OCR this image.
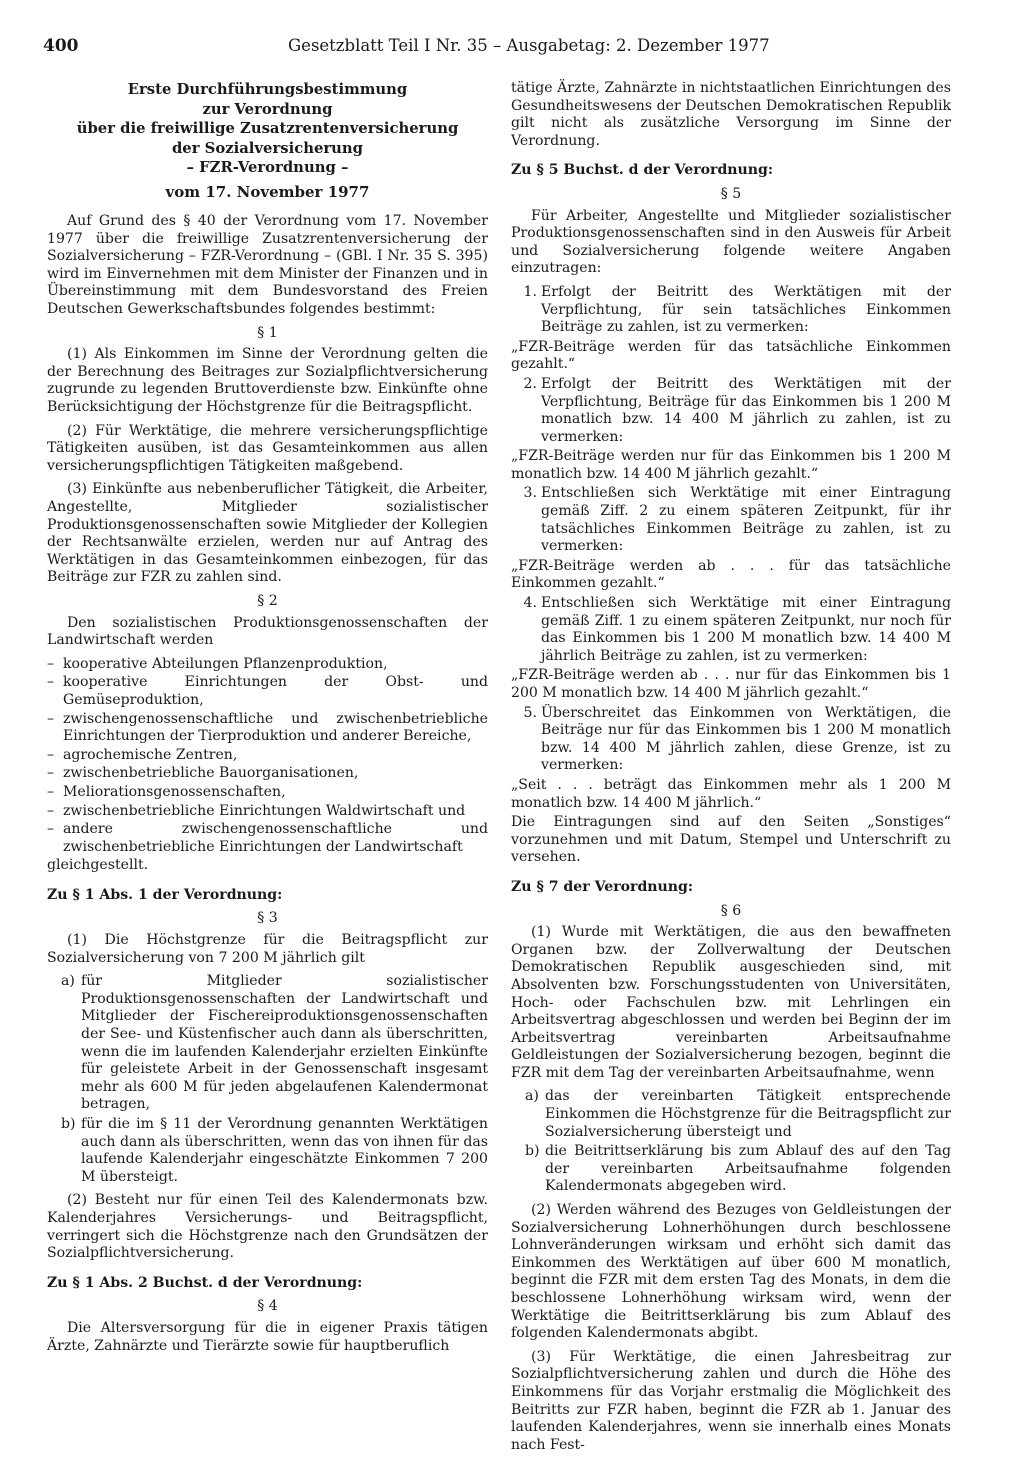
400	Gesetzblatt Teil I Nr. 35 – Ausgabetag: 2. Dezember 1977
Erste Durchführungsbestimmung
zur Verordnung
über die freiwillige Zusatzrentenversicherung
der Sozialversicherung
– FZR-Verordnung –
vom 17. November 1977

Auf Grund des § 40 der Verordnung vom 17. November 1977 über die freiwillige Zusatzrentenversicherung der Sozialversicherung – FZR-Verordnung – (GBl. I Nr. 35 S. 395) wird im Einvernehmen mit dem Minister der Finanzen und in Übereinstimmung mit dem Bundesvorstand des Freien Deutschen Gewerkschaftsbundes folgendes bestimmt:

§ 1

(1) Als Einkommen im Sinne der Verordnung gelten die der Berechnung des Beitrages zur Sozialpflichtversicherung zugrunde zu legenden Bruttoverdienste bzw. Einkünfte ohne Berücksichtigung der Höchstgrenze für die Beitragspflicht.

(2) Für Werktätige, die mehrere versicherungspflichtige Tätigkeiten ausüben, ist das Gesamteinkommen aus allen versicherungspflichtigen Tätigkeiten maßgebend.

(3) Einkünfte aus nebenberuflicher Tätigkeit, die Arbeiter, Angestellte, Mitglieder sozialistischer Produktionsgenossenschaften sowie Mitglieder der Kollegien der Rechtsanwälte erzielen, werden nur auf Antrag des Werktätigen in das Gesamteinkommen einbezogen, für das Beiträge zur FZR zu zahlen sind.

§ 2

Den sozialistischen Produktionsgenossenschaften der Landwirtschaft werden

– kooperative Abteilungen Pflanzenproduktion,
– kooperative Einrichtungen der Obst- und Gemüseproduktion,
– zwischengenossenschaftliche und zwischenbetriebliche Einrichtungen der Tierproduktion und anderer Bereiche,
– agrochemische Zentren,
– zwischenbetriebliche Bauorganisationen,
– Meliorationsgenossenschaften,
– zwischenbetriebliche Einrichtungen Waldwirtschaft und
– andere zwischengenossenschaftliche und zwischenbetriebliche Einrichtungen der Landwirtschaft

gleichgestellt.

Zu § 1 Abs. 1 der Verordnung:
§ 3

(1) Die Höchstgrenze für die Beitragspflicht zur Sozialversicherung von 7 200 M jährlich gilt

a) für Mitglieder sozialistischer Produktionsgenossenschaften der Landwirtschaft und Mitglieder der Fischereiproduktionsgenossenschaften der See- und Küstenfischer auch dann als überschritten, wenn die im laufenden Kalenderjahr erzielten Einkünfte für geleistete Arbeit in der Genossenschaft insgesamt mehr als 600 M für jeden abgelaufenen Kalendermonat betragen,
b) für die im § 11 der Verordnung genannten Werktätigen auch dann als überschritten, wenn das von ihnen für das laufende Kalenderjahr eingeschätzte Einkommen 7 200 M übersteigt.

(2) Besteht nur für einen Teil des Kalendermonats bzw. Kalenderjahres Versicherungs- und Beitragspflicht, verringert sich die Höchstgrenze nach den Grundsätzen der Sozialpflichtversicherung.

Zu § 1 Abs. 2 Buchst. d der Verordnung:
§ 4

Die Altersversorgung für die in eigener Praxis tätigen Ärzte, Zahnärzte und Tierärzte sowie für hauptberuflich

tätige Ärzte, Zahnärzte in nichtstaatlichen Einrichtungen des Gesundheitswesens der Deutschen Demokratischen Republik gilt nicht als zusätzliche Versorgung im Sinne der Verordnung.

Zu § 5 Buchst. d der Verordnung:
§ 5

Für Arbeiter, Angestellte und Mitglieder sozialistischer Produktionsgenossenschaften sind in den Ausweis für Arbeit und Sozialversicherung folgende weitere Angaben einzutragen:

1. Erfolgt der Beitritt des Werktätigen mit der Verpflichtung, für sein tatsächliches Einkommen Beiträge zu zahlen, ist zu vermerken:
„FZR-Beiträge werden für das tatsächliche Einkommen gezahlt.“
2. Erfolgt der Beitritt des Werktätigen mit der Verpflichtung, Beiträge für das Einkommen bis 1 200 M monatlich bzw. 14 400 M jährlich zu zahlen, ist zu vermerken:
„FZR-Beiträge werden nur für das Einkommen bis 1 200 M monatlich bzw. 14 400 M jährlich gezahlt.“
3. Entschließen sich Werktätige mit einer Eintragung gemäß Ziff. 2 zu einem späteren Zeitpunkt, für ihr tatsächliches Einkommen Beiträge zu zahlen, ist zu vermerken:
„FZR-Beiträge werden ab . . . für das tatsächliche Einkommen gezahlt.“
4. Entschließen sich Werktätige mit einer Eintragung gemäß Ziff. 1 zu einem späteren Zeitpunkt, nur noch für das Einkommen bis 1 200 M monatlich bzw. 14 400 M jährlich Beiträge zu zahlen, ist zu vermerken:
„FZR-Beiträge werden ab . . . nur für das Einkommen bis 1 200 M monatlich bzw. 14 400 M jährlich gezahlt.“
5. Überschreitet das Einkommen von Werktätigen, die Beiträge nur für das Einkommen bis 1 200 M monatlich bzw. 14 400 M jährlich zahlen, diese Grenze, ist zu vermerken:
„Seit . . . beträgt das Einkommen mehr als 1 200 M monatlich bzw. 14 400 M jährlich.“

Die Eintragungen sind auf den Seiten „Sonstiges“ vorzunehmen und mit Datum, Stempel und Unterschrift zu versehen.

Zu § 7 der Verordnung:
§ 6

(1) Wurde mit Werktätigen, die aus den bewaffneten Organen bzw. der Zollverwaltung der Deutschen Demokratischen Republik ausgeschieden sind, mit Absolventen bzw. Forschungsstudenten von Universitäten, Hoch- oder Fachschulen bzw. mit Lehrlingen ein Arbeitsvertrag abgeschlossen und werden bei Beginn der im Arbeitsvertrag vereinbarten Arbeitsaufnahme Geldleistungen der Sozialversicherung bezogen, beginnt die FZR mit dem Tag der vereinbarten Arbeitsaufnahme, wenn

a) das der vereinbarten Tätigkeit entsprechende Einkommen die Höchstgrenze für die Beitragspflicht zur Sozialversicherung übersteigt und
b) die Beitrittserklärung bis zum Ablauf des auf den Tag der vereinbarten Arbeitsaufnahme folgenden Kalendermonats abgegeben wird.

(2) Werden während des Bezuges von Geldleistungen der Sozialversicherung Lohnerhöhungen durch beschlossene Lohnveränderungen wirksam und erhöht sich damit das Einkommen des Werktätigen auf über 600 M monatlich, beginnt die FZR mit dem ersten Tag des Monats, in dem die beschlossene Lohnerhöhung wirksam wird, wenn der Werktätige die Beitrittserklärung bis zum Ablauf des folgenden Kalendermonats abgibt.

(3) Für Werktätige, die einen Jahresbeitrag zur Sozialpflichtversicherung zahlen und durch die Höhe des Einkommens für das Vorjahr erstmalig die Möglichkeit des Beitritts zur FZR haben, beginnt die FZR ab 1. Januar des laufenden Kalenderjahres, wenn sie innerhalb eines Monats nach Fest-
